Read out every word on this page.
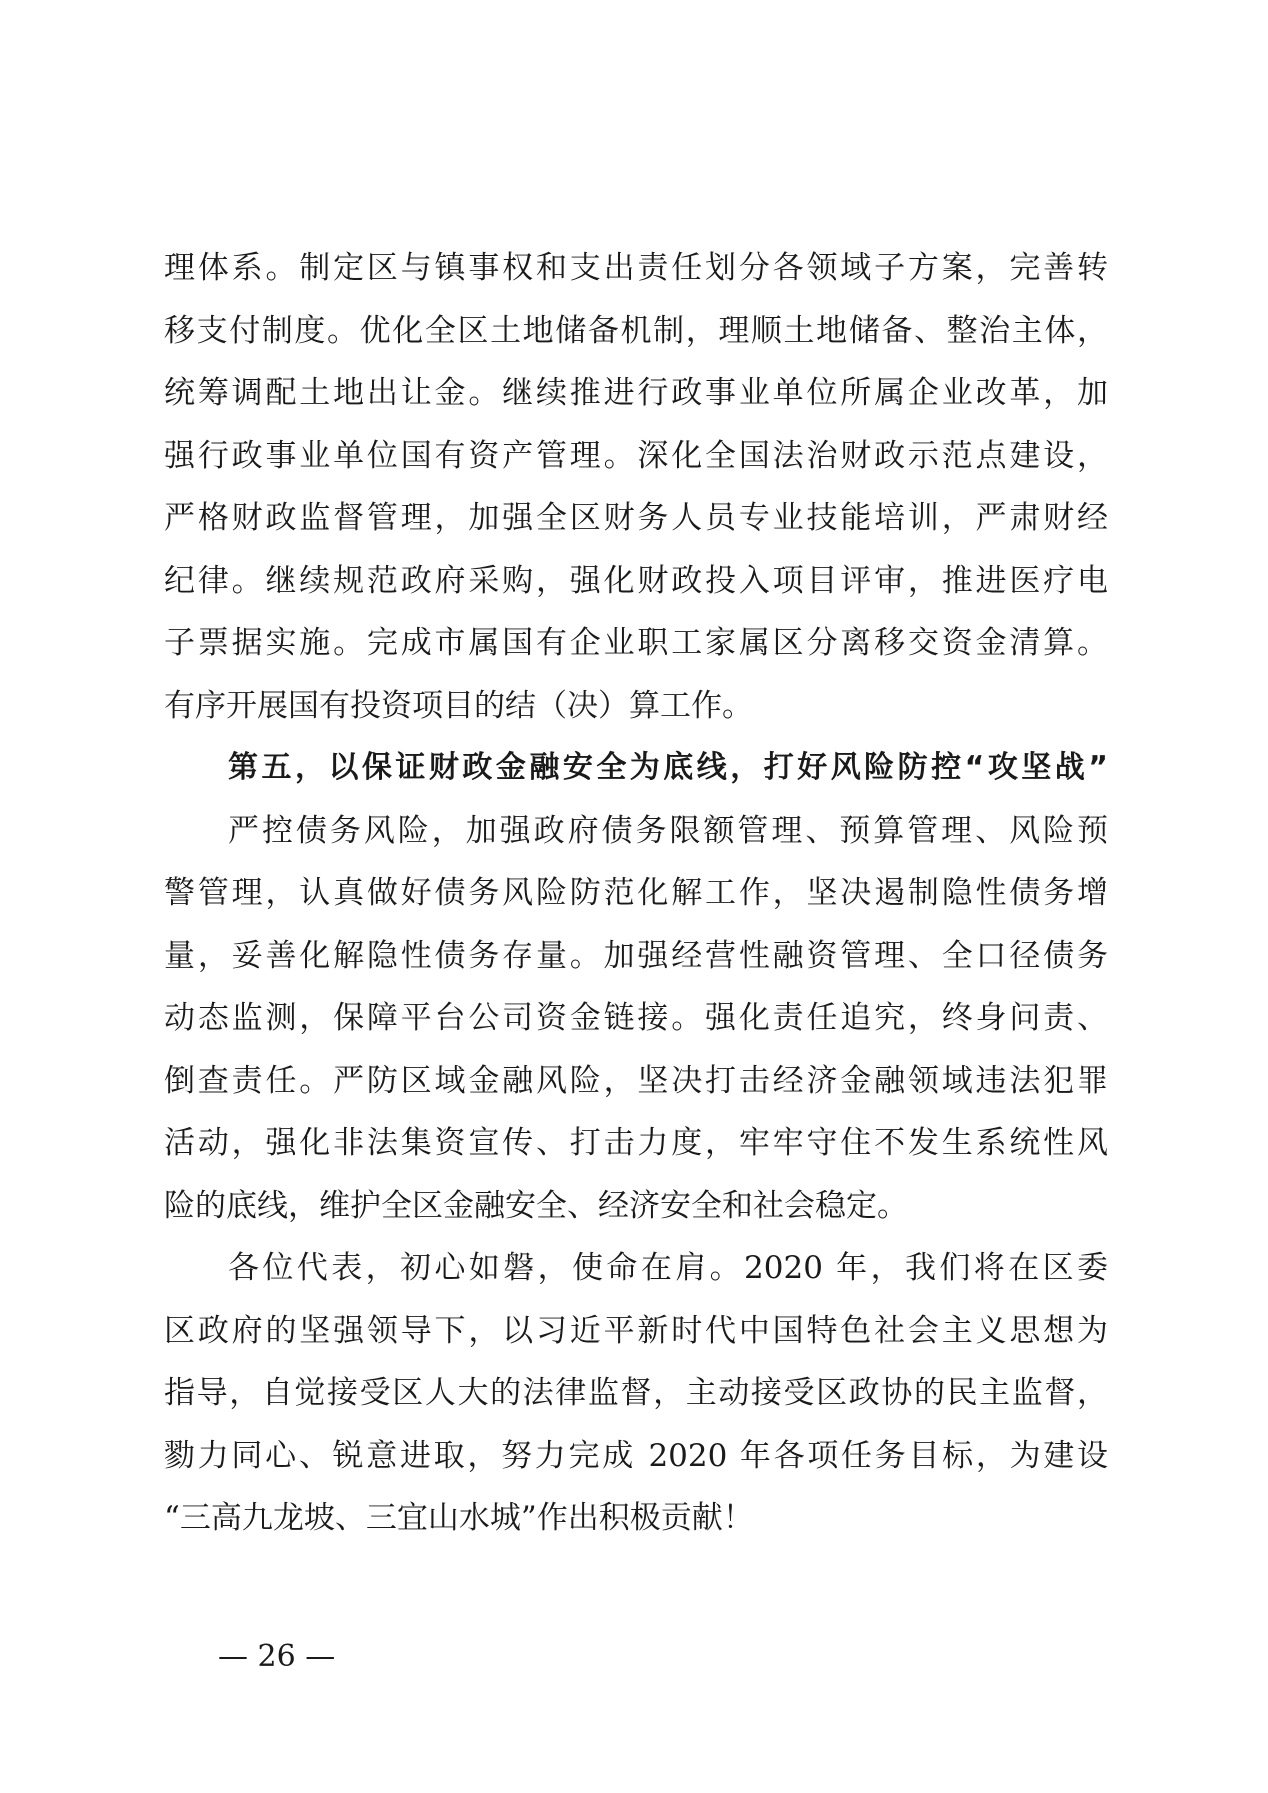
理体系。制定区与镇事权和支出责任划分各领域子方案，完善转
移支付制度。优化全区土地储备机制，理顺土地储备、整治主体，
统筹调配土地出让金。继续推进行政事业单位所属企业改革，加
强行政事业单位国有资产管理。深化全国法治财政示范点建设，
严格财政监督管理，加强全区财务人员专业技能培训，严肃财经
纪律。继续规范政府采购，强化财政投入项目评审，推进医疗电
子票据实施。完成市属国有企业职工家属区分离移交资金清算。
有序开展国有投资项目的结（决）算工作。
第五，以保证财政金融安全为底线，打好风险防控“攻坚战”
严控债务风险，加强政府债务限额管理、预算管理、风险预
警管理，认真做好债务风险防范化解工作，坚决遏制隐性债务增
量，妥善化解隐性债务存量。加强经营性融资管理、全口径债务
动态监测，保障平台公司资金链接。强化责任追究，终身问责、
倒查责任。严防区域金融风险，坚决打击经济金融领域违法犯罪
活动，强化非法集资宣传、打击力度，牢牢守住不发生系统性风
险的底线，维护全区金融安全、经济安全和社会稳定。
各位代表，初心如磐，使命在肩。2020 年，我们将在区委
区政府的坚强领导下，以习近平新时代中国特色社会主义思想为
指导，自觉接受区人大的法律监督，主动接受区政协的民主监督，
勠力同心、锐意进取，努力完成 2020 年各项任务目标，为建设
“三高九龙坡、三宜山水城”作出积极贡献！
— 26 —
